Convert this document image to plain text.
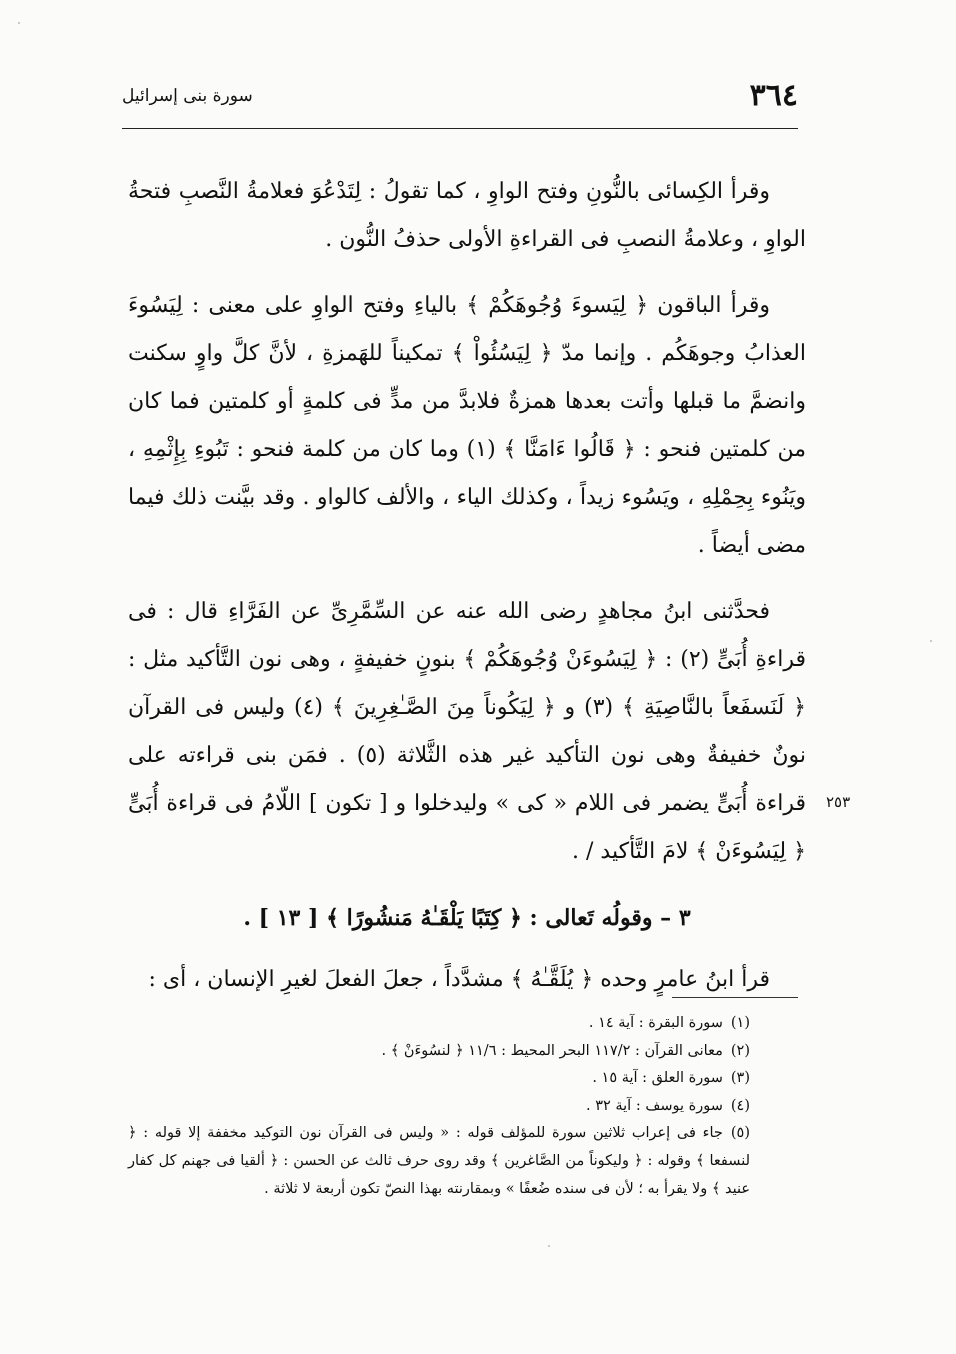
٣٦٤
سورة بنى إسرائيل

وقرأ الكِسائى بالنُّونِ وفتح الواوِ ، كما تقولُ : لِتَدْعُوَ فعلامةُ النَّصبِ فتحةُ الواوِ ، وعلامةُ النصبِ فى القراءةِ الأولى حذفُ النُّون .

وقرأ الباقون ﴿ لِيَسوءَ وُجُوهَكُمْ ﴾ بالياءِ وفتح الواوِ على معنى : لِيَسُوءَ العذابُ وجوهَكُم . وإنما مدّ ﴿ لِيَسُئُواْ ﴾ تمكيناً للهَمزةِ ، لأنَّ كلَّ واوٍ سكنت وانضمَّ ما قبلها وأتت بعدها همزةٌ فلابدَّ من مدٍّ فى كلمةٍ أو كلمتين فما كان من كلمتين فنحو : ﴿ قَالُوا ءَامَنَّا ﴾ (١) وما كان من كلمة فنحو : تَبُوءِ بِإِثْمِهِ ، ويَنُوء بِحِمْلِهِ ، ويَسُوء زيداً ، وكذلك الياء ، والألف كالواو . وقد بيَّنت ذلك فيما مضى أيضاً .

فحدَّثنى ابنُ مجاهدٍ رضى الله عنه عن السِّمَّرِىِّ عن الفَرَّاءِ قال : فى قراءةِ أُبَىٍّ (٢) : ﴿ لِيَسُوءَنْ وُجُوهَكُمْ ﴾ بنونٍ خفيفةٍ ، وهى نون التَّأكيد مثل : ﴿ لَنَسفَعاً بالنَّاصِيَةِ ﴾ (٣) و ﴿ لِيَكُوناً مِنَ الصَّـٰغِرِينَ ﴾ (٤) وليس فى القرآن نونٌ خفيفةٌ وهى نون التأكيد غير هذه الثَّلاثة (٥) . فمَن بنى قراءته على قراءة أُبَىٍّ يضمر فى اللام « كى » وليدخلوا و [ تكون ] اللّامُ فى قراءة أُبَىٍّ ﴿ لِيَسُوءَنْ ﴾ لامَ التَّأكيد / .

٣ – وقولُه تَعالى : ﴿ كِتَبًا يَلْقَـٰهُ مَنشُورًا ﴾ [ ١٣ ] .

قرأ ابنُ عامرٍ وحده ﴿ يُلَقَّـٰهُ ﴾ مشدَّداً ، جعلَ الفعلَ لغيرِ الإنسان ، أى :

٢٥٣

(١)سورة البقرة : آية ١٤ .

(٢)معانى القرآن : ١١٧/٢ البحر المحيط : ١١/٦ ﴿ لنسُوءَنْ ﴾ .

(٣)سورة العلق : آية ١٥ .

(٤)سورة يوسف : آية ٣٢ .

(٥)جاء فى إعراب ثلاثين سورة للمؤلف قوله : « وليس فى القرآن نون التوكيد مخففة إلا قوله : ﴿ لنسفعا ﴾ وقوله : ﴿ وليكوناً من الصَّاغرين ﴾ وقد روى حرف ثالث عن الحسن : ﴿ ألقيا فى جهنم كل كفار عنيد ﴾ ولا يقرأ به ؛ لأن فى سنده ضُعفًا » وبمقارنته بهذا النصّ تكون أربعة لا ثلاثة .
